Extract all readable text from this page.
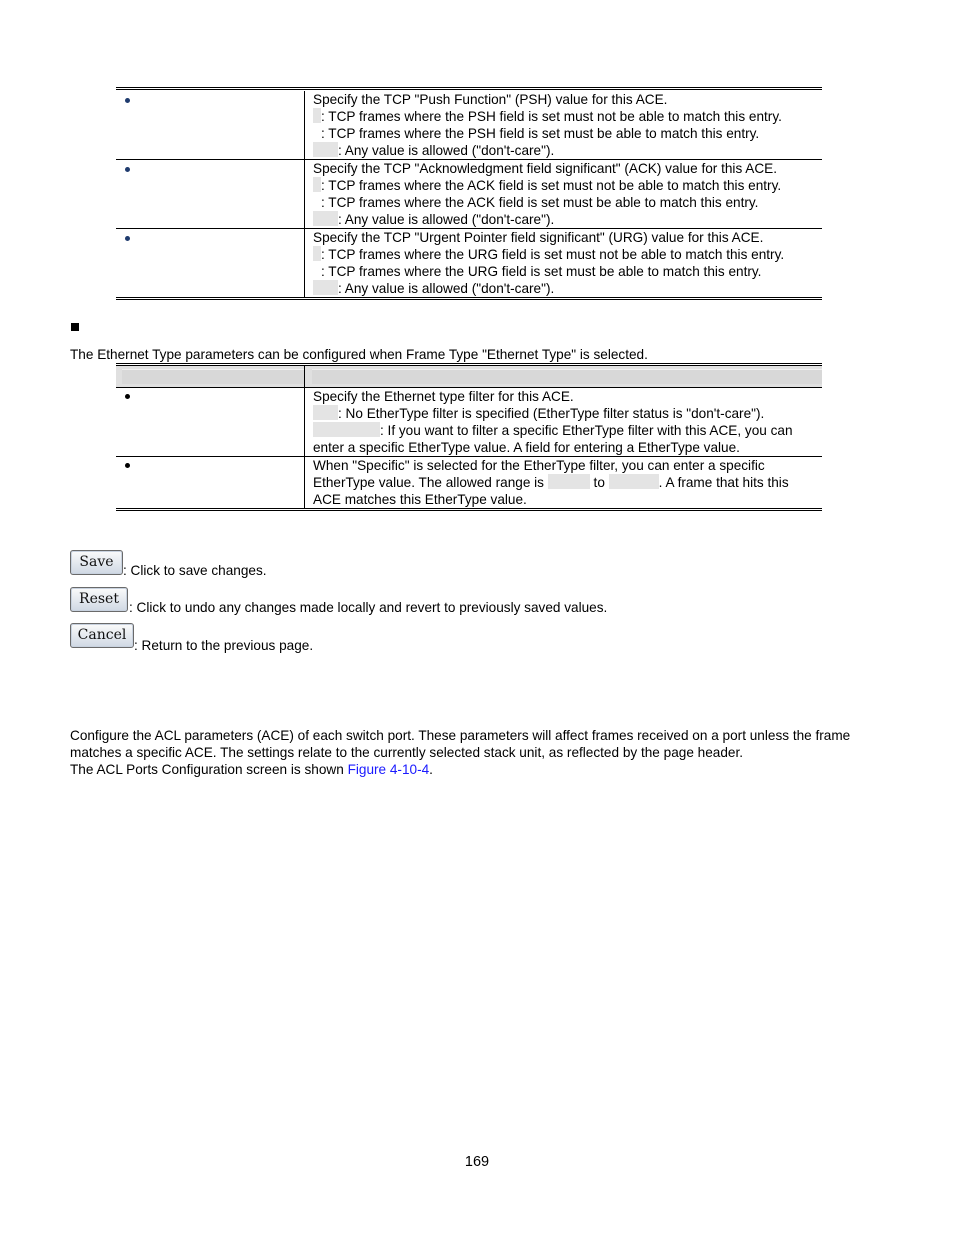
	Specify the TCP "Push Function" (PSH) value for this ACE.
: TCP frames where the PSH field is set must not be able to match this entry.
: TCP frames where the PSH field is set must be able to match this entry.
: Any value is allowed ("don't-care").

	Specify the TCP "Acknowledgment field significant" (ACK) value for this ACE.
: TCP frames where the ACK field is set must not be able to match this entry.
: TCP frames where the ACK field is set must be able to match this entry.
: Any value is allowed ("don't-care").

	Specify the TCP "Urgent Pointer field significant" (URG) value for this ACE.
: TCP frames where the URG field is set must not be able to match this entry.
: TCP frames where the URG field is set must be able to match this entry.
: Any value is allowed ("don't-care").
The Ethernet Type parameters can be configured when Frame Type "Ethernet Type" is selected.

	Specify the Ethernet type filter for this ACE.
: No EtherType filter is specified (EtherType filter status is "don't-care").
: If you want to filter a specific EtherType filter with this ACE, you can
enter a specific EtherType value. A field for entering a EtherType value.

	When "Specific" is selected for the EtherType filter, you can enter a specific
EtherType value. The allowed range is to . A frame that hits this
ACE matches this EtherType value.
Save
: Click to save changes.
Reset
: Click to undo any changes made locally and revert to previously saved values.
Cancel
: Return to the previous page.
Configure the ACL parameters (ACE) of each switch port. These parameters will affect frames received on a port unless the frame
matches a specific ACE. The settings relate to the currently selected stack unit, as reflected by the page header.
The ACL Ports Configuration screen is shown Figure 4-10-4.
169
